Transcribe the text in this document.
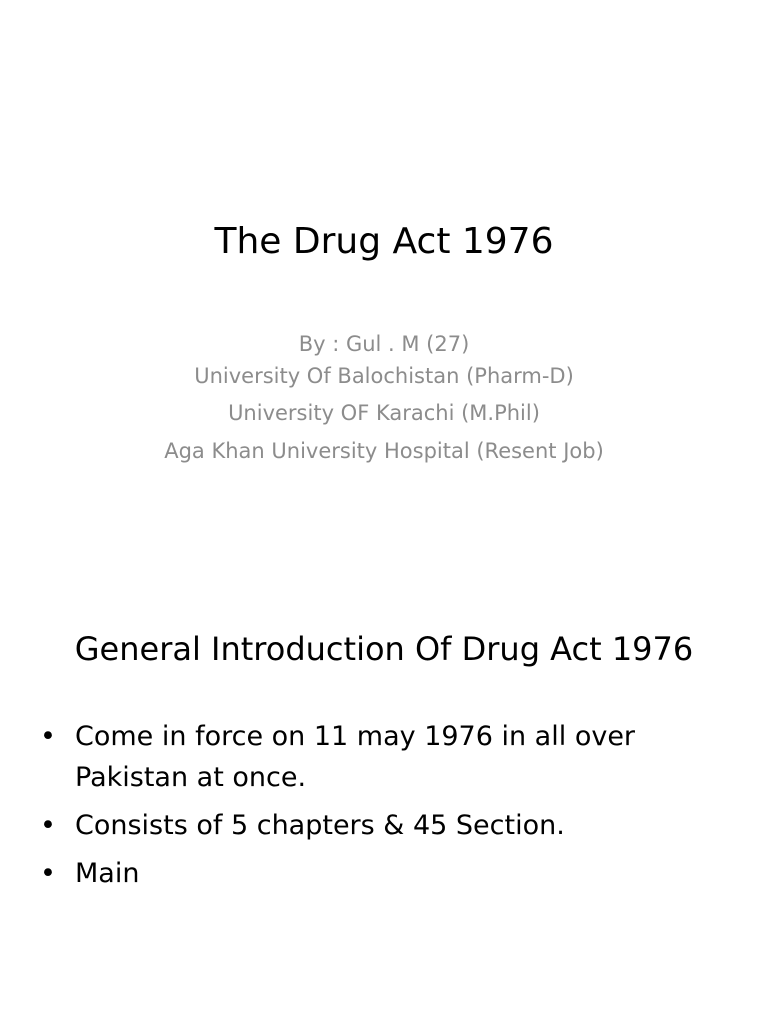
The Drug Act 1976
By : Gul . M (27)
University Of Balochistan (Pharm-D)
University OF Karachi (M.Phil)
Aga Khan University Hospital (Resent Job)
General Introduction Of Drug Act 1976
• Come in force on 11 may 1976 in all over Pakistan at once.
• Consists of 5 chapters & 45 Section.
• Main
